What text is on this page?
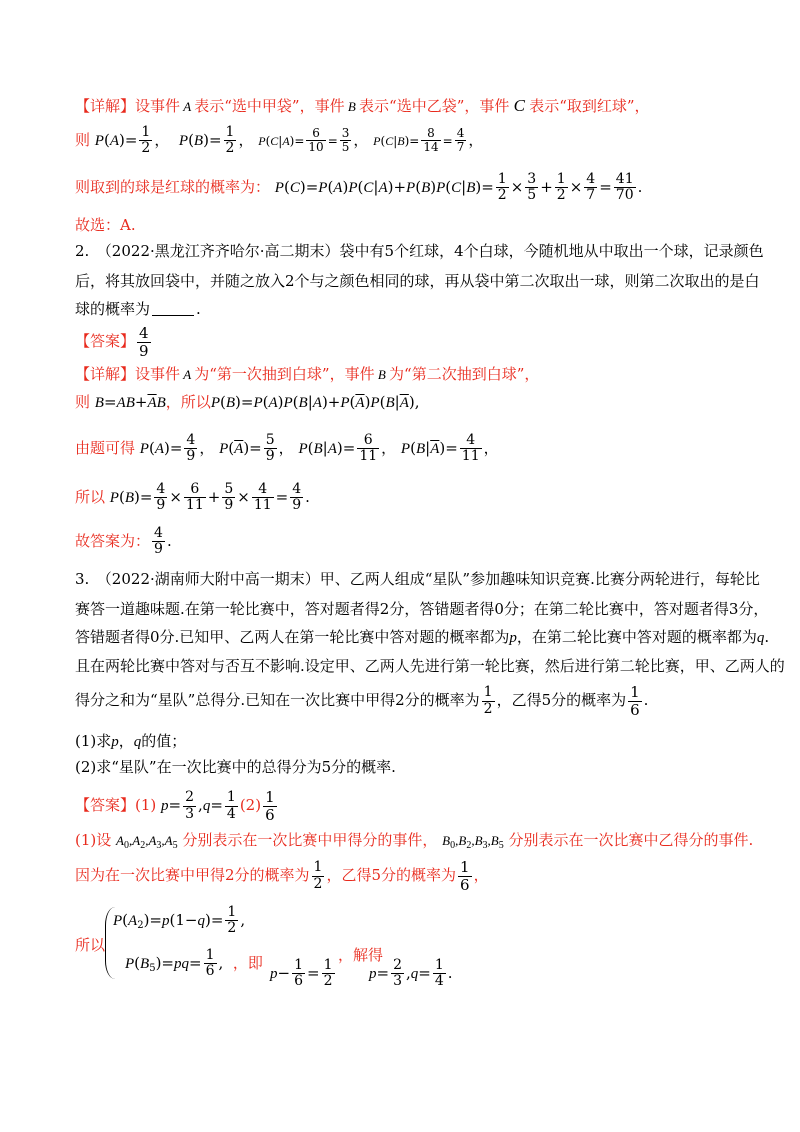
【详解】设事件 A 表示“选中甲袋”，事件 B 表示“选中乙袋”，事件 C 表示“取到红球”，
则 $P(A)= \frac{1}{2}$ ，  $P(B)= \frac{1}{2}$ ， $P(C|A)= \frac{6}{10} = \frac{3}{5}$ ， $P(C|B)= \frac{8}{14} = \frac{4}{7}$ ，
则取到的球是红球的概率为： $P(C)=P(A)P(C|A)+P(B)P(C|B)= \frac{1}{2} \times \frac{3}{5} + \frac{1}{2} \times \frac{4}{7} = \frac{41}{70}$ .
故选：A.
2.　（2022·黑龙江齐齐哈尔·高二期末）袋中有5个红球，4个白球，今随机地从中取出一个球，记录颜色
后，将其放回袋中，并随之放入2个与之颜色相同的球，再从袋中第二次取出一球，则第二次取出的是白
球的概率为	.
【答案】 $\frac{4}{9}$
【详解】设事件 A 为“第一次抽到白球”，事件 B 为“第二次抽到白球”，
则 $B=AB+\overline{A}B$，所以$P(B)=P(A)P(B|A)+P(\overline{A})P(B|\overline{A})$,
由题可得 $P(A)= \frac{4}{9}$ ， $P(\overline{A})= \frac{5}{9}$ ， $P(B|A)= \frac{6}{11}$ ， $P(B|\overline{A})= \frac{4}{11}$ ，
所以 $P(B)= \frac{4}{9} \times \frac{6}{11} + \frac{5}{9} \times \frac{4}{11} = \frac{4}{9}$ .
故答案为： $\frac{4}{9}$ .
3.　（2022·湖南师大附中高一期末）甲、乙两人组成“星队”参加趣味知识竞赛.比赛分两轮进行，每轮比
赛答一道趣味题.在第一轮比赛中，答对题者得2分，答错题者得0分；在第二轮比赛中，答对题者得3分，
答错题者得0分.已知甲、乙两人在第一轮比赛中答对题的概率都为p，在第二轮比赛中答对题的概率都为q.
且在两轮比赛中答对与否互不影响.设定甲、乙两人先进行第一轮比赛，然后进行第二轮比赛，甲、乙两人的
得分之和为“星队”总得分.已知在一次比赛中甲得2分的概率为 $\frac{1}{2}$ ，乙得5分的概率为 $\frac{1}{6}$ .
(1)求p，q的值；
(2)求“星队”在一次比赛中的总得分为5分的概率.
【答案】(1) $p= \frac{2}{3} ,q= \frac{1}{4} (2) \frac{1}{6}$
(1)设 $A_0,A_2,A_3,A_5$ 分别表示在一次比赛中甲得分的事件， $B_0,B_2,B_3,B_5$ 分别表示在一次比赛中乙得分的事件.
因为在一次比赛中甲得2分的概率为 $\frac{1}{2}$ ，乙得5分的概率为 $\frac{1}{6}$ ，
$P(A_2)=p(1-q)= \frac{1}{2}$ ,
所以
$P(B_5)=pq= \frac{1}{6}$ ,  ，即
$p- \frac{1}{6} = \frac{1}{2}$
，解得
$p= \frac{2}{3} ,q= \frac{1}{4}$ .
